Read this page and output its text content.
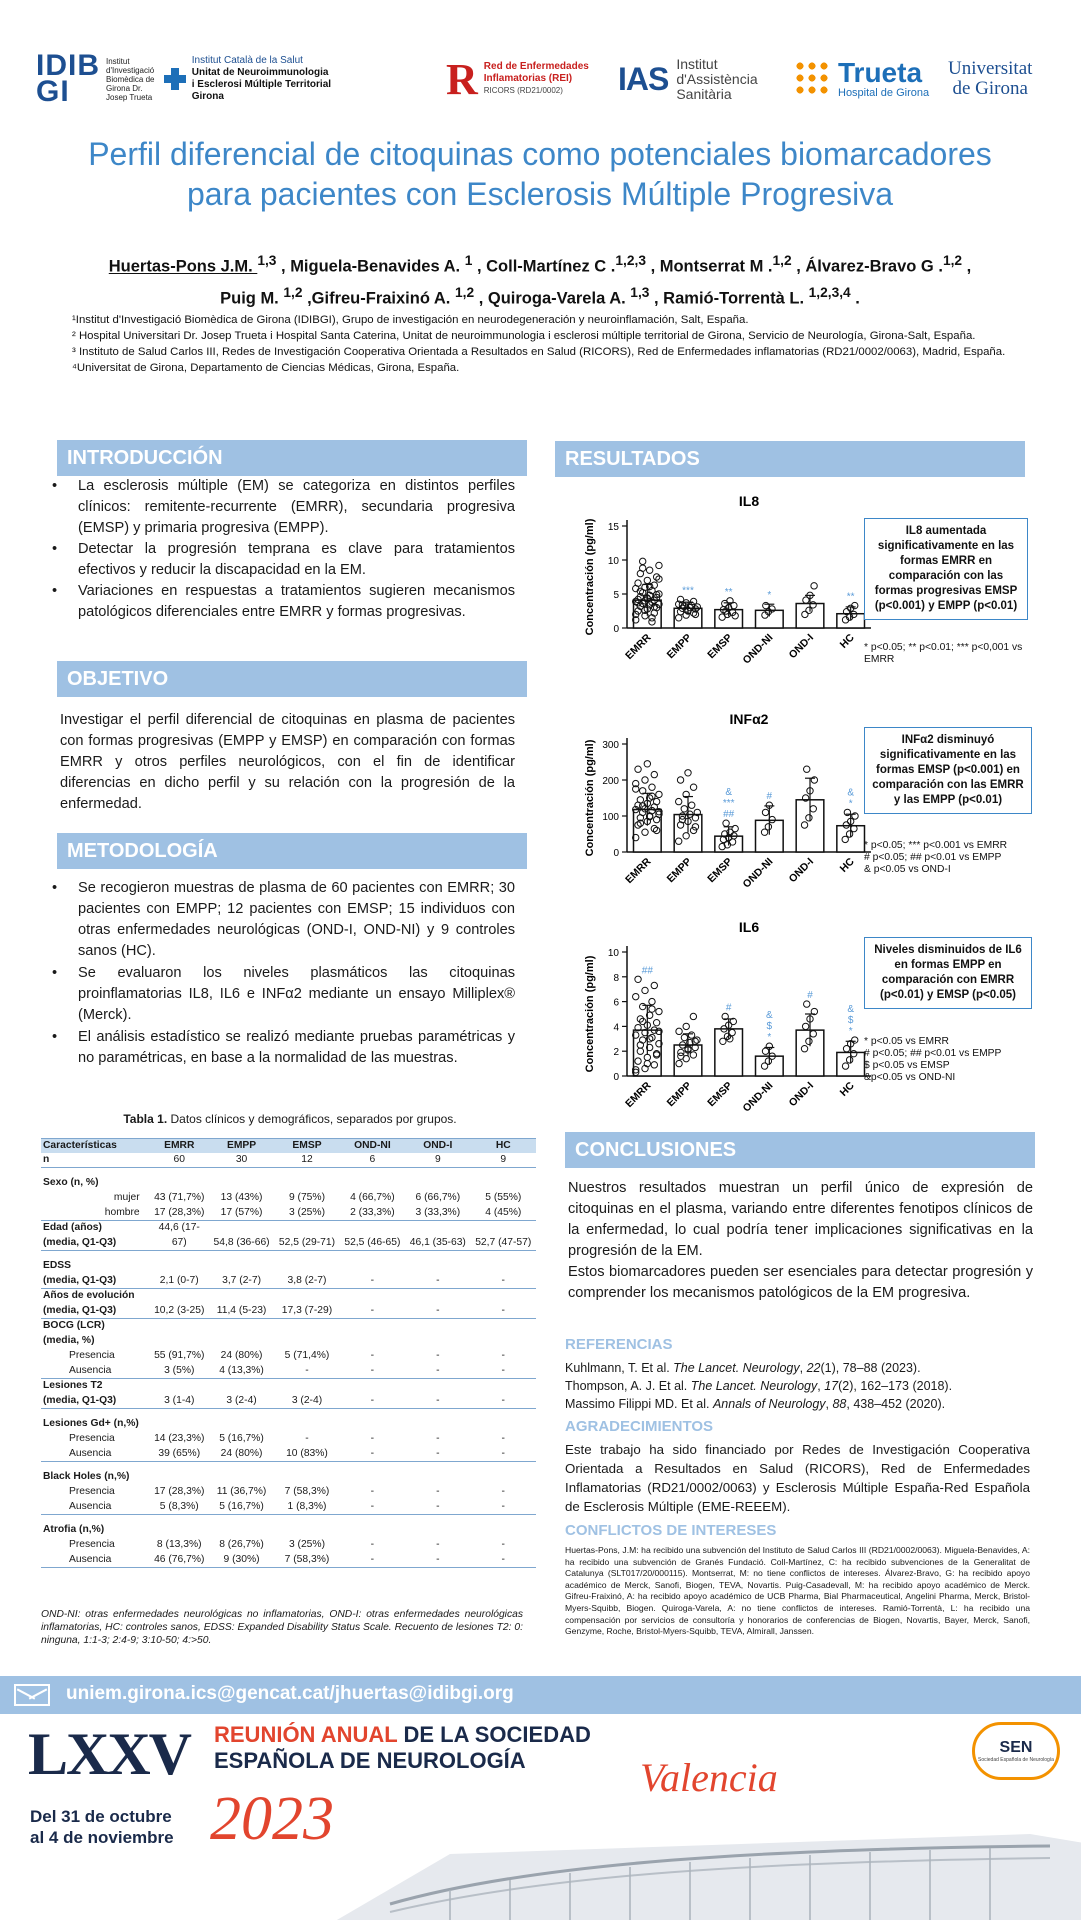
IDIB
GI
Institut d'Investigació Biomèdica de Girona Dr. Josep Trueta
Institut Català de la Salut
Unitat de Neuroimmunologia
i Esclerosi Múltiple Territorial Girona	R Red de Enfermedades
Inflamatorias (REI)
RICORS (RD21/0002)	IAS Institut
d'Assistència
Sanitària
Trueta
Hospital de Girona
Universitat
de Girona
Perfil diferencial de citoquinas como potenciales biomarcadores
para pacientes con Esclerosis Múltiple Progresiva
Huertas-Pons J.M. $^{1,3}$ , Miguela-Benavides A. $^1$ , Coll-Martínez C .$^{1,2,3}$ , Montserrat M .$^{1,2}$ , Álvarez-Bravo G .$^{1,2}$ ,
Puig M. $^{1,2}$ ,Gifreu-Fraixinó A. $^{1,2}$ , Quiroga-Varela A. $^{1,3}$ , Ramió-Torrentà L. $^{1,2,3,4}$ .
¹Institut d'Investigació Biomèdica de Girona (IDIBGI), Grupo de investigación en neurodegeneración y neuroinflamación, Salt, España.
² Hospital Universitari Dr. Josep Trueta i Hospital Santa Caterina, Unitat de neuroimmunologia i esclerosi múltiple territorial de Girona, Servicio de Neurología, Girona-Salt, España.
³ Instituto de Salud Carlos III, Redes de Investigación Cooperativa Orientada a Resultados en Salud (RICORS), Red de Enfermedades inflamatorias (RD21/0002/0063), Madrid, España.
⁴Universitat de Girona, Departamento de Ciencias Médicas, Girona, España.
INTRODUCCIÓN
• La esclerosis múltiple (EM) se categoriza en distintos perfiles clínicos: remitente-recurrente (EMRR), secundaria progresiva (EMSP) y primaria progresiva (EMPP).
• Detectar la progresión temprana es clave para tratamientos efectivos y reducir la discapacidad en la EM.
• Variaciones en respuestas a tratamientos sugieren mecanismos patológicos diferenciales entre EMRR y formas progresivas.
OBJETIVO
Investigar el perfil diferencial de citoquinas en plasma de pacientes con formas progresivas (EMPP y EMSP) en comparación con formas EMRR y otros perfiles neurológicos, con el fin de identificar diferencias en dicho perfil y su relación con la progresión de la enfermedad.
METODOLOGÍA
• Se recogieron muestras de plasma de 60 pacientes con EMRR; 30 pacientes con EMPP; 12 pacientes con EMSP; 15 individuos con otras enfermedades neurológicas (OND-I, OND-NI) y 9 controles sanos (HC).
• Se evaluaron los niveles plasmáticos las citoquinas proinflamatorias IL8, IL6 e INFα2 mediante un ensayo Milliplex® (Merck).
• El análisis estadístico se realizó mediante pruebas paramétricas y no paramétricas, en base a la normalidad de las muestras.
Tabla 1. Datos clínicos y demográficos, separados por grupos.
Características	EMRR	EMPP	EMSP	OND-NI	OND-I	HC
n	60	30	12	6	9	9

Sexo (n, %)						
mujer	43 (71,7%)	13 (43%)	9 (75%)	4 (66,7%)	6 (66,7%)	5 (55%)
hombre	17 (28,3%)	17 (57%)	3 (25%)	2 (33,3%)	3 (33,3%)	4 (45%)
Edad (años)	44,6 (17-					
(media, Q1-Q3)	67)	54,8 (36-66)	52,5 (29-71)	52,5 (46-65)	46,1 (35-63)	52,7 (47-57)

EDSS						
(media, Q1-Q3)	2,1 (0-7)	3,7 (2-7)	3,8 (2-7)	-	-	-
Años de evolución						
(media, Q1-Q3)	10,2 (3-25)	11,4 (5-23)	17,3 (7-29)	-	-	-
BOCG (LCR)						
(media, %)						
Presencia	55 (91,7%)	24 (80%)	5 (71,4%)	-	-	-
Ausencia	3 (5%)	4 (13,3%)	-	-	-	-
Lesiones T2						
(media, Q1-Q3)	3 (1-4)	3 (2-4)	3 (2-4)	-	-	-

Lesiones Gd+ (n,%)						
Presencia	14 (23,3%)	5 (16,7%)	-	-	-	-
Ausencia	39 (65%)	24 (80%)	10 (83%)	-	-	-

Black Holes (n,%)						
Presencia	17 (28,3%)	11 (36,7%)	7 (58,3%)	-	-	-
Ausencia	5 (8,3%)	5 (16,7%)	1 (8,3%)	-	-	-

Atrofia (n,%)						
Presencia	8 (13,3%)	8 (26,7%)	3 (25%)	-	-	-
Ausencia	46 (76,7%)	9 (30%)	7 (58,3%)	-	-	-
OND-NI: otras enfermedades neurológicas no inflamatorias, OND-I: otras enfermedades neurológicas inflamatorias, HC: controles sanos, EDSS: Expanded Disability Status Scale. Recuento de lesiones T2: 0: ninguna, 1:1-3; 2:4-9; 3:10-50; 4:>50.
RESULTADOS
IL8
Concentración (pg/ml) 0
5
10
15
EMRR
***
EMPP
**
EMSP
*
OND-NI OND-I
**
HC
INFα2
Concentración (pg/ml) 0
100
200
300
EMRR EMPP
&
***
##
EMSP
#
OND-NI OND-I
&
*
HC
IL6
Concentración (pg/ml)
0
2
4
6
8
10
##
EMRR EMPP
#
EMSP
&
$
*
OND-NI
#
OND-I
&
$
*
HC
IL8 aumentada significativamente en las formas EMRR en comparación con las formas progresivas EMSP (p<0.001) y EMPP (p<0.01)
* p<0.05; ** p<0.01; *** p<0,001 vs EMRR
INFα2 disminuyó significativamente en las formas EMSP (p<0.001) en comparación con las EMRR y las EMPP (p<0.01)
* p<0.05; *** p<0.001 vs EMRR
# p<0.05; ## p<0.01 vs EMPP
& p<0.05 vs OND-I
Niveles disminuidos de IL6 en formas EMPP en comparación con EMRR (p<0.01) y EMSP (p<0.05)
* p<0.05 vs EMRR
# p<0.05; ## p<0.01 vs EMPP
$ p<0.05 vs EMSP
&p<0.05 vs OND-NI
CONCLUSIONES
Nuestros resultados muestran un perfil único de expresión de citoquinas en el plasma, variando entre diferentes fenotipos clínicos de la enfermedad, lo cual podría tener implicaciones significativas en la progresión de la EM.
Estos biomarcadores pueden ser esenciales para detectar progresión y comprender los mecanismos patológicos de la EM progresiva.
REFERENCIAS
Kuhlmann, T. Et al. The Lancet. Neurology, 22(1), 78–88 (2023).
Thompson, A. J. Et al. The Lancet. Neurology, 17(2), 162–173 (2018).
Massimo Filippi MD. Et al. Annals of Neurology, 88, 438–452 (2020).
AGRADECIMIENTOS
Este trabajo ha sido financiado por Redes de Investigación Cooperativa Orientada a Resultados en Salud (RICORS), Red de Enfermedades Inflamatorias (RD21/0002/0063) y Esclerosis Múltiple España-Red Española de Esclerosis Múltiple (EME-REEEM).
CONFLICTOS DE INTERESES
Huertas-Pons, J.M: ha recibido una subvención del Instituto de Salud Carlos III (RD21/0002/0063). Miguela-Benavides, A: ha recibido una subvención de Granés Fundació. Coll-Martínez, C: ha recibido subvenciones de la Generalitat de Catalunya (SLT017/20/000115). Montserrat, M: no tiene conflictos de intereses. Álvarez-Bravo, G: ha recibido apoyo académico de Merck, Sanofi, Biogen, TEVA, Novartis. Puig-Casadevall, M: ha recibido apoyo académico de Merck. Gifreu-Fraixinó, A: ha recibido apoyo académico de UCB Pharma, Bial Pharmaceutical, Angelini Pharma, Merck, Bristol-Myers-Squibb, Biogen. Quiroga-Varela, A: no tiene conflictos de intereses. Ramió-Torrentà, L: ha recibido una compensación por servicios de consultoría y honorarios de conferencias de Biogen, Novartis, Bayer, Merck, Sanofi, Genzyme, Roche, Bristol-Myers-Squibb, TEVA, Almirall, Janssen.
uniem.girona.ics@gencat.cat/jhuertas@idibgi.org
LXXV REUNIÓN ANUAL DE LA SOCIEDAD
ESPAÑOLA DE NEUROLOGÍA
Del 31 de octubre
al 4 de noviembre 2023
Valencia
SEN
Sociedad Española de Neurología
